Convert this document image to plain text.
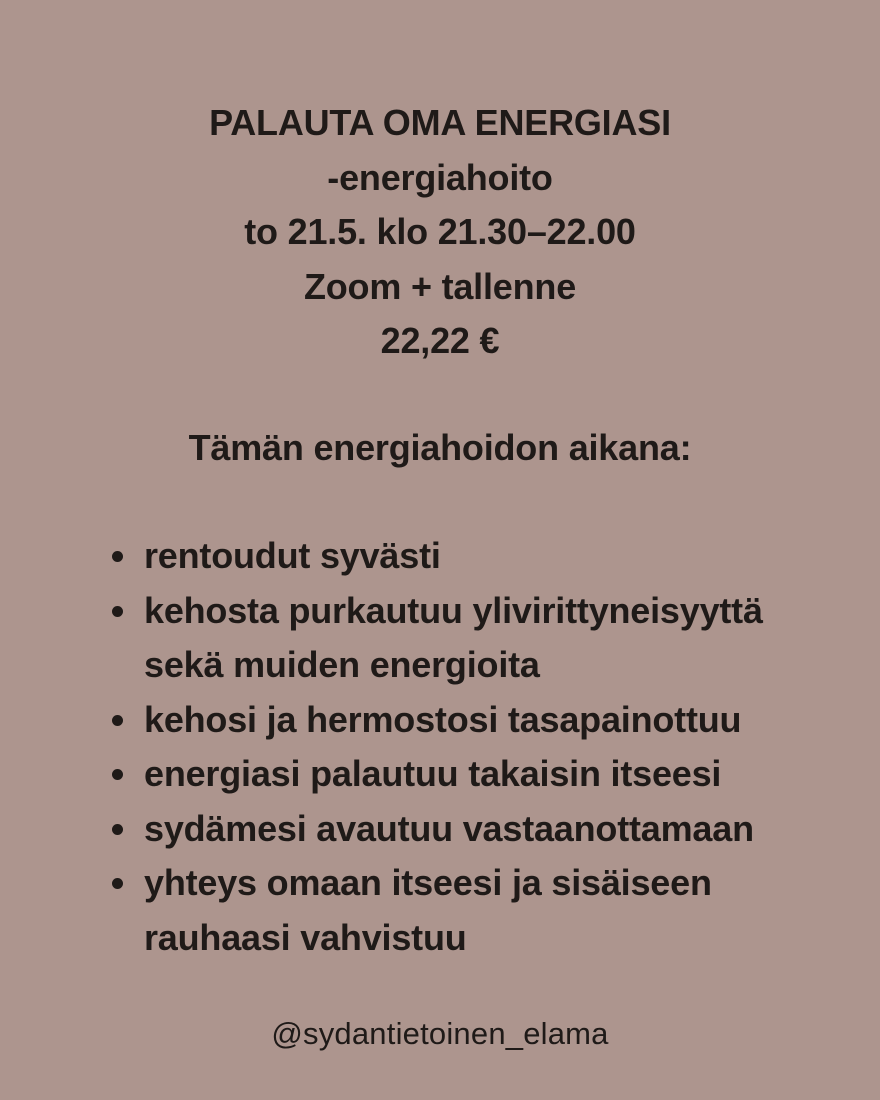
PALAUTA OMA ENERGIASI
-energiahoito
to 21.5. klo 21.30–22.00
Zoom + tallenne
22,22 €
Tämän energiahoidon aikana:
rentoudut syvästi
kehosta purkautuu ylivirittyneisyyttä
sekä muiden energioita
kehosi ja hermostosi tasapainottuu
energiasi palautuu takaisin itseesi
sydämesi avautuu vastaanottamaan
yhteys omaan itseesi ja sisäiseen
rauhaasi vahvistuu
@sydantietoinen_elama
